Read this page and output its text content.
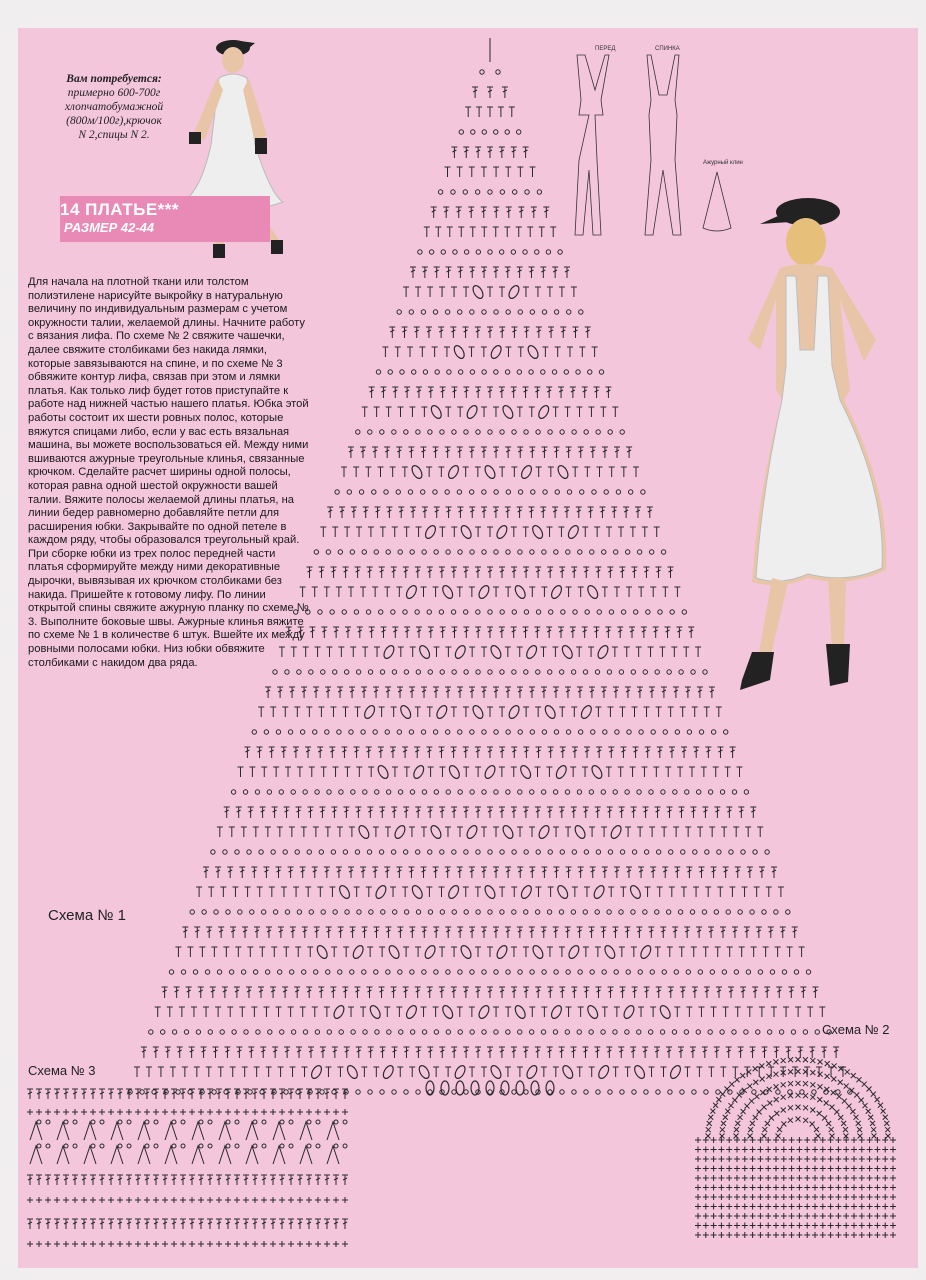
Вам потребуется:
примерно 600-700г
хлопчатобумажной
(800м/100г),крючок
N 2,спицы N 2.
14 ПЛАТЬЕ***
РАЗМЕР 42-44
ПЕРЕД	СПИНКА
Ажурный клин

Для начала на плотной ткани или толстом полиэтилене нарисуйте выкройку в натуральную величину по индивидуальным размерам с учетом окружности талии, желаемой длины. Начните работу с вязания лифа. По схеме № 2 свяжите чашечки, далее свяжите столбиками без накида лямки, которые завязываются на спине, и по схеме № 3 обвяжите контур лифа, связав при этом и лямки платья. Как только лиф будет готов приступайте к работе над нижней частью нашего платья. Юбка этой работы состоит их шести ровных полос, которые вяжутся спицами либо, если у вас есть вязальная машина, вы можете воспользоваться ей. Между ними вшиваются ажурные треугольные клинья, связанные крючком. Сделайте расчет ширины одной полосы, которая равна одной шестой окружности вашей талии. Вяжите полосы желаемой длины платья, на линии бедер равномерно добавляйте петли для расширения юбки. Закрывайте по одной петеле в каждом ряду, чтобы образовался треугольный край. При сборке юбки из трех полос передней части платья сформируйте между ними декоративные дырочки, вывязывая их крючком столбиками без накида. Пришейте к готовому лифу. По линии открытой спины свяжите ажурную планку по схеме № 3. Выполните боковые швы. Ажурные клинья вяжите по схеме № 1 в количестве 6 штук. Вшейте их между ровными полосами юбки. Низ юбки обвяжите столбиками с накидом два ряда.

Схема № 1
Схема № 2
Схема № 3
